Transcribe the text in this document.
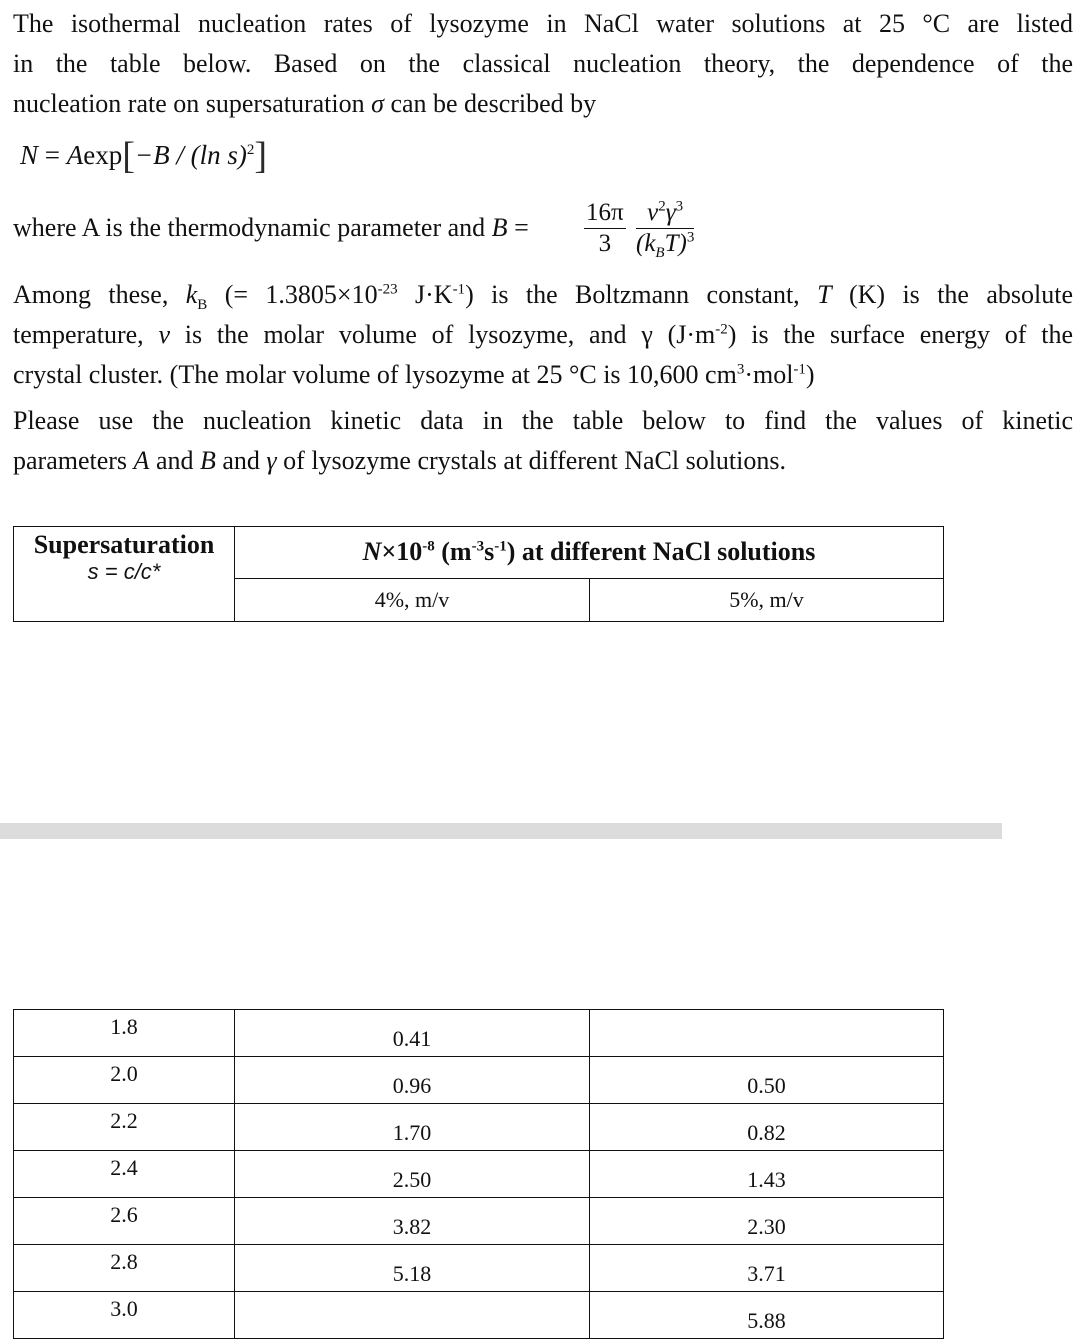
The isothermal nucleation rates of lysozyme in NaCl water solutions at 25 °C are listed
in the table below. Based on the classical nucleation theory, the dependence of the
nucleation rate on supersaturation σ can be described by
N = Aexp[−B / (ln s)$^2$]
where A is the thermodynamic parameter and $B = \frac{16\pi}{3} v^2\gamma^3$
$(k_BT)^3$
Among these, $k_B$ (= $1.3805\times 10^{-23}$ $J\cdot K^{-1}$) is the Boltzmann constant, T (K) is the absolute
temperature, v is the molar volume of lysozyme, and γ $(J\cdot m^{-2})$ is the surface energy of the
crystal cluster. (The molar volume of lysozyme at 25 °C is 10,600 $cm^3\cdot mol^{-1}$)
Please use the nucleation kinetic data in the table below to find the values of kinetic
parameters A and B and γ of lysozyme crystals at different NaCl solutions.
Supersaturation
s = c/c*	$N\times 10^{-8}$ $(m^{-3}s^{-1})$ at different NaCl solutions	
	4%, m/v	5%, m/v
1.8	0.41	
2.0	0.96	0.50
2.2	1.70	0.82
2.4	2.50	1.43
2.6	3.82	2.30
2.8	5.18	3.71
3.0		5.88
